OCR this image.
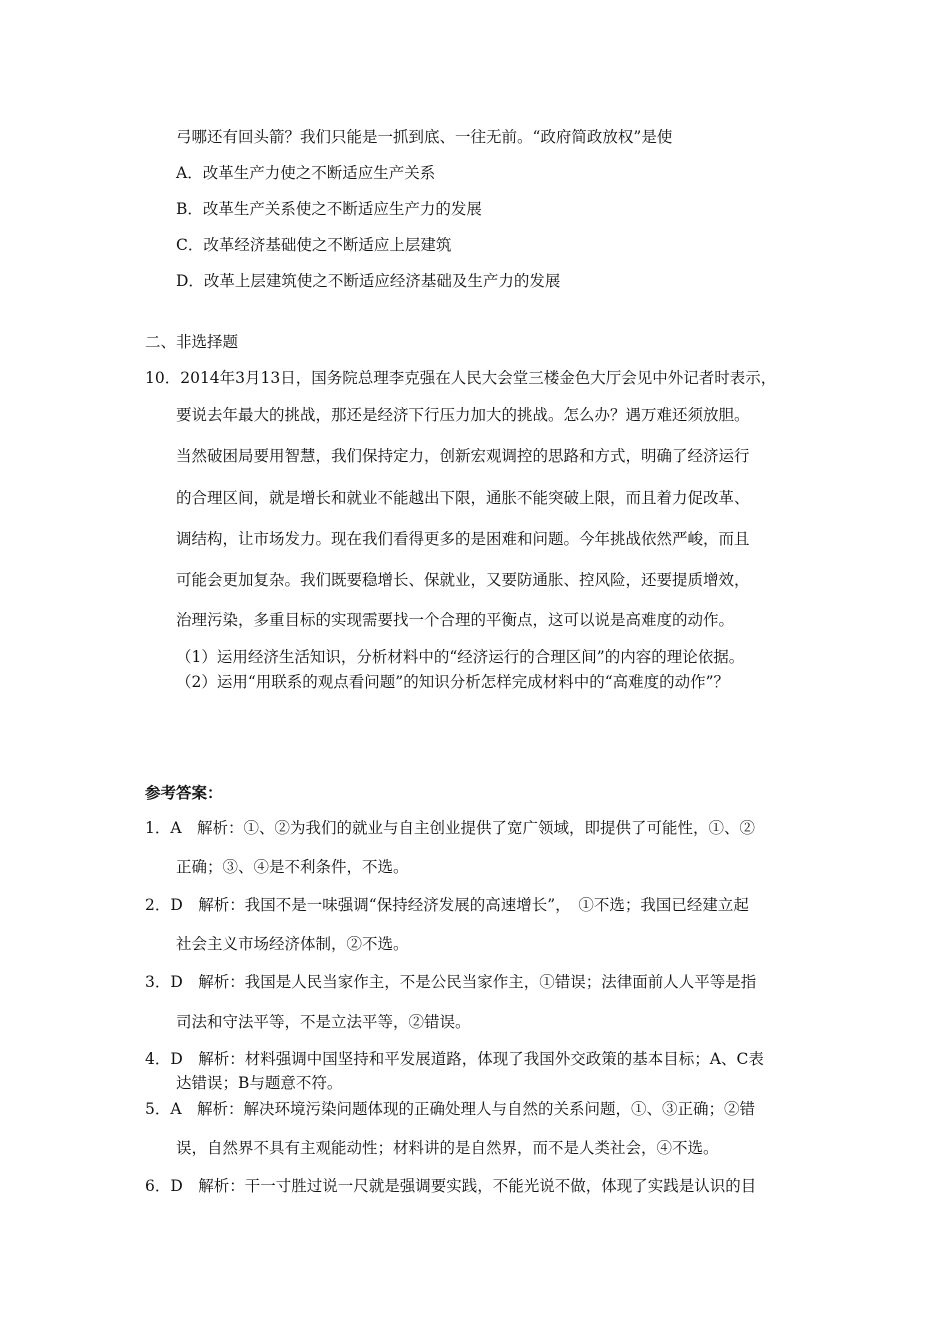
弓哪还有回头箭？我们只能是一抓到底、一往无前。“政府简政放权”是使
A．改革生产力使之不断适应生产关系
B．改革生产关系使之不断适应生产力的发展
C．改革经济基础使之不断适应上层建筑
D．改革上层建筑使之不断适应经济基础及生产力的发展
二、非选择题
10．2014年3月13日，国务院总理李克强在人民大会堂三楼金色大厅会见中外记者时表示，
要说去年最大的挑战，那还是经济下行压力加大的挑战。怎么办？遇万难还须放胆。
当然破困局要用智慧，我们保持定力，创新宏观调控的思路和方式，明确了经济运行
的合理区间，就是增长和就业不能越出下限，通胀不能突破上限，而且着力促改革、
调结构，让市场发力。现在我们看得更多的是困难和问题。今年挑战依然严峻，而且
可能会更加复杂。我们既要稳增长、保就业，又要防通胀、控风险，还要提质增效，
治理污染，多重目标的实现需要找一个合理的平衡点，这可以说是高难度的动作。
（1）运用经济生活知识，分析材料中的“经济运行的合理区间”的内容的理论依据。
（2）运用“用联系的观点看问题”的知识分析怎样完成材料中的“高难度的动作”？
参考答案：
1．A　解析：①、②为我们的就业与自主创业提供了宽广领域，即提供了可能性，①、②
正确；③、④是不利条件，不选。
2．D　解析：我国不是一味强调“保持经济发展的高速增长”，　①不选；我国已经建立起
社会主义市场经济体制，②不选。
3．D　解析：我国是人民当家作主，不是公民当家作主，①错误；法律面前人人平等是指
司法和守法平等，不是立法平等，②错误。
4．D　解析：材料强调中国坚持和平发展道路，体现了我国外交政策的基本目标；A、C表
达错误；B与题意不符。
5．A　解析：解决环境污染问题体现的正确处理人与自然的关系问题，①、③正确；②错
误，自然界不具有主观能动性；材料讲的是自然界，而不是人类社会，④不选。
6．D　解析：干一寸胜过说一尺就是强调要实践，不能光说不做，体现了实践是认识的目
